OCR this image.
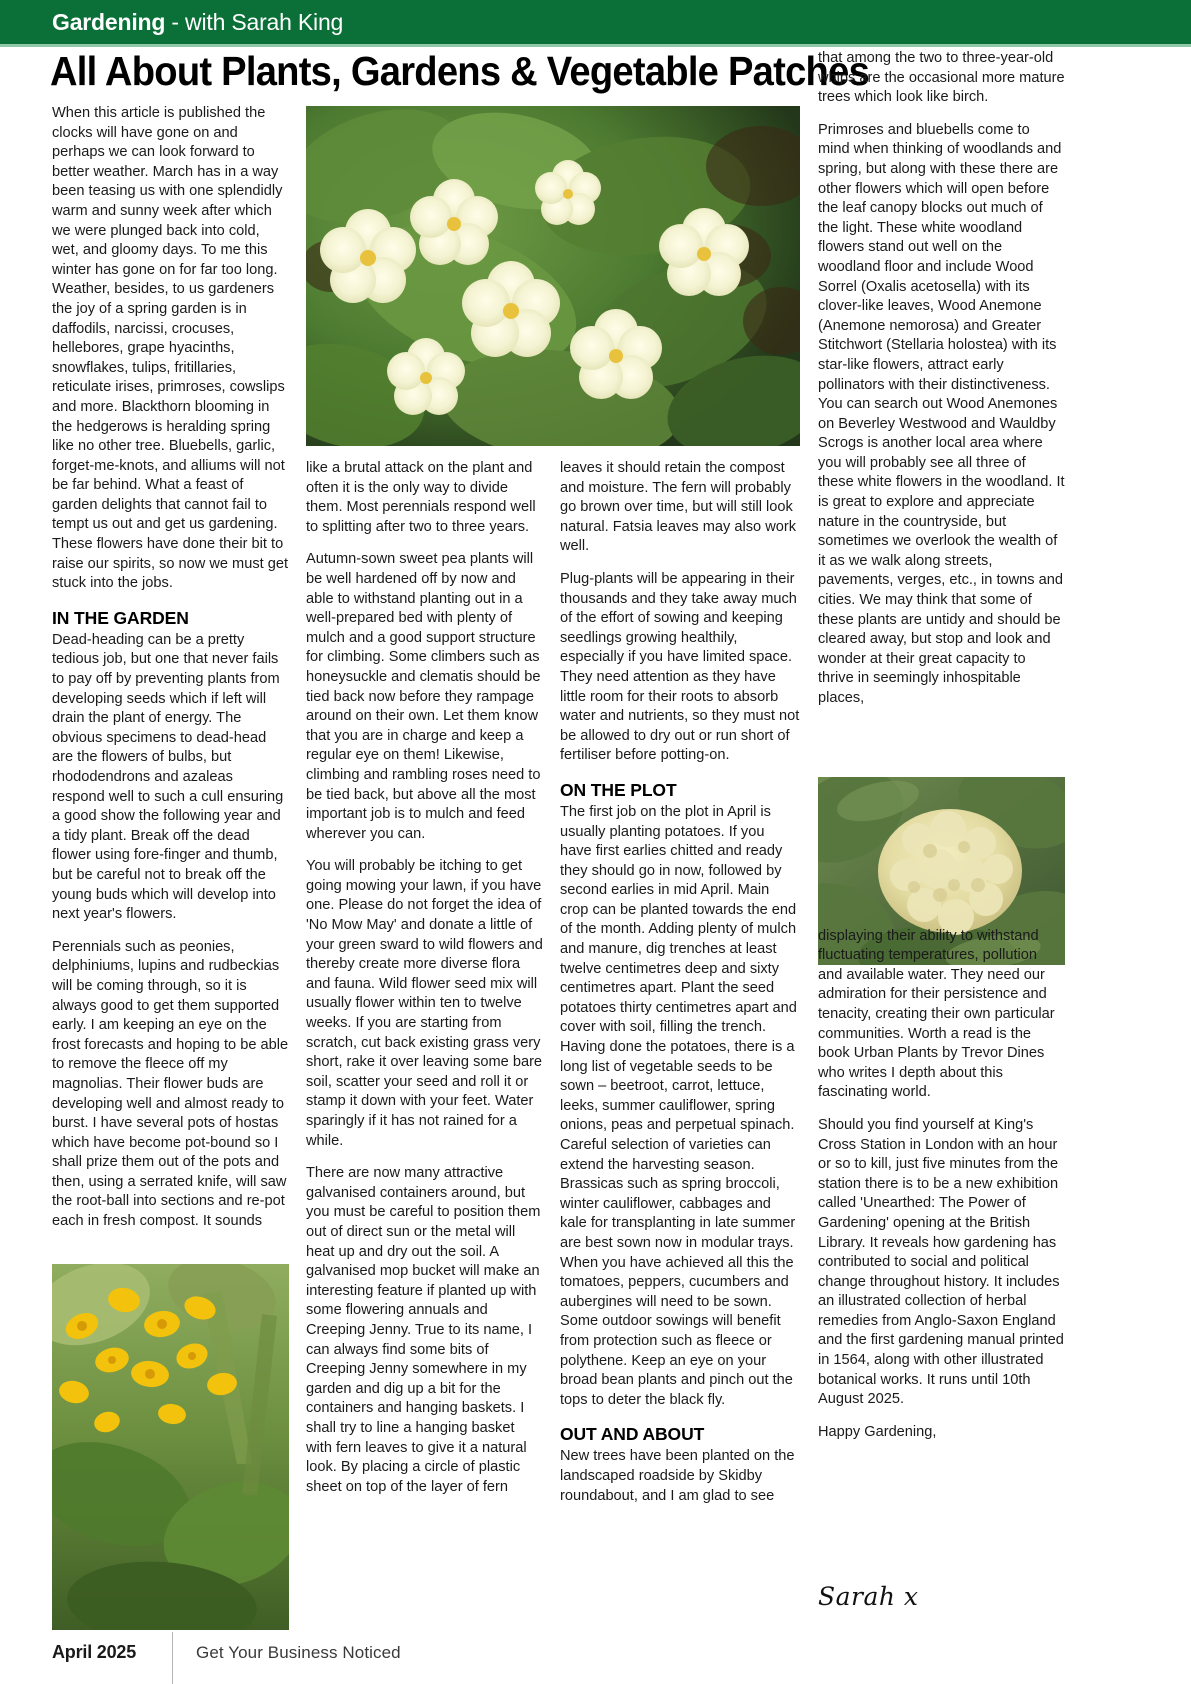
Gardening - with Sarah King
All About Plants, Gardens & Vegetable Patches

When this article is published the clocks will have gone on and perhaps we can look forward to better weather. March has in a way been teasing us with one splendidly warm and sunny week after which we were plunged back into cold, wet, and gloomy days. To me this winter has gone on for far too long. Weather, besides, to us gardeners the joy of a spring garden is in daffodils, narcissi, crocuses, hellebores, grape hyacinths, snowflakes, tulips, fritillaries, reticulate irises, primroses, cowslips and more. Blackthorn blooming in the hedgerows is heralding spring like no other tree. Bluebells, garlic, forget-me-knots, and alliums will not be far behind. What a feast of garden delights that cannot fail to tempt us out and get us gardening. These flowers have done their bit to raise our spirits, so now we must get stuck into the jobs.

IN THE GARDEN

Dead-heading can be a pretty tedious job, but one that never fails to pay off by preventing plants from developing seeds which if left will drain the plant of energy. The obvious specimens to dead-head are the flowers of bulbs, but rhododendrons and azaleas respond well to such a cull ensuring a good show the following year and a tidy plant. Break off the dead flower using fore-finger and thumb, but be careful not to break off the young buds which will develop into next year's flowers.

Perennials such as peonies, delphiniums, lupins and rudbeckias will be coming through, so it is always good to get them supported early. I am keeping an eye on the frost forecasts and hoping to be able to remove the fleece off my magnolias. Their flower buds are developing well and almost ready to burst. I have several pots of hostas which have become pot-bound so I shall prize them out of the pots and then, using a serrated knife, will saw the root-ball into sections and re-pot each in fresh compost. It sounds

like a brutal attack on the plant and often it is the only way to divide them. Most perennials respond well to splitting after two to three years.

Autumn-sown sweet pea plants will be well hardened off by now and able to withstand planting out in a well-prepared bed with plenty of mulch and a good support structure for climbing. Some climbers such as honeysuckle and clematis should be tied back now before they rampage around on their own. Let them know that you are in charge and keep a regular eye on them! Likewise, climbing and rambling roses need to be tied back, but above all the most important job is to mulch and feed wherever you can.

You will probably be itching to get going mowing your lawn, if you have one. Please do not forget the idea of 'No Mow May' and donate a little of your green sward to wild flowers and thereby create more diverse flora and fauna. Wild flower seed mix will usually flower within ten to twelve weeks. If you are starting from scratch, cut back existing grass very short, rake it over leaving some bare soil, scatter your seed and roll it or stamp it down with your feet. Water sparingly if it has not rained for a while.

There are now many attractive galvanised containers around, but you must be careful to position them out of direct sun or the metal will heat up and dry out the soil. A galvanised mop bucket will make an interesting feature if planted up with some flowering annuals and Creeping Jenny. True to its name, I can always find some bits of Creeping Jenny somewhere in my garden and dig up a bit for the containers and hanging baskets. I shall try to line a hanging basket with fern leaves to give it a natural look. By placing a circle of plastic sheet on top of the layer of fern

leaves it should retain the compost and moisture. The fern will probably go brown over time, but will still look natural. Fatsia leaves may also work well.

Plug-plants will be appearing in their thousands and they take away much of the effort of sowing and keeping seedlings growing healthily, especially if you have limited space. They need attention as they have little room for their roots to absorb water and nutrients, so they must not be allowed to dry out or run short of fertiliser before potting-on.

ON THE PLOT

The first job on the plot in April is usually planting potatoes. If you have first earlies chitted and ready they should go in now, followed by second earlies in mid April. Main crop can be planted towards the end of the month. Adding plenty of mulch and manure, dig trenches at least twelve centimetres deep and sixty centimetres apart. Plant the seed potatoes thirty centimetres apart and cover with soil, filling the trench. Having done the potatoes, there is a long list of vegetable seeds to be sown – beetroot, carrot, lettuce, leeks, summer cauliflower, spring onions, peas and perpetual spinach. Careful selection of varieties can extend the harvesting season. Brassicas such as spring broccoli, winter cauliflower, cabbages and kale for transplanting in late summer are best sown now in modular trays. When you have achieved all this the tomatoes, peppers, cucumbers and aubergines will need to be sown. Some outdoor sowings will benefit from protection such as fleece or polythene. Keep an eye on your broad bean plants and pinch out the tops to deter the black fly.

OUT AND ABOUT

New trees have been planted on the landscaped roadside by Skidby roundabout, and I am glad to see

that among the two to three-year-old whips are the occasional more mature trees which look like birch.

Primroses and bluebells come to mind when thinking of woodlands and spring, but along with these there are other flowers which will open before the leaf canopy blocks out much of the light. These white woodland flowers stand out well on the woodland floor and include Wood Sorrel (Oxalis acetosella) with its clover-like leaves, Wood Anemone (Anemone nemorosa) and Greater Stitchwort (Stellaria holostea) with its star-like flowers, attract early pollinators with their distinctiveness. You can search out Wood Anemones on Beverley Westwood and Wauldby Scrogs is another local area where you will probably see all three of these white flowers in the woodland. It is great to explore and appreciate nature in the countryside, but sometimes we overlook the wealth of it as we walk along streets, pavements, verges, etc., in towns and cities. We may think that some of these plants are untidy and should be cleared away, but stop and look and wonder at their great capacity to thrive in seemingly inhospitable places,

displaying their ability to withstand fluctuating temperatures, pollution and available water. They need our admiration for their persistence and tenacity, creating their own particular communities. Worth a read is the book Urban Plants by Trevor Dines who writes I depth about this fascinating world.

Should you find yourself at King's Cross Station in London with an hour or so to kill, just five minutes from the station there is to be a new exhibition called 'Unearthed: The Power of Gardening' opening at the British Library. It reveals how gardening has contributed to social and political change throughout history. It includes an illustrated collection of herbal remedies from Anglo-Saxon England and the first gardening manual printed in 1564, along with other illustrated botanical works. It runs until 10th August 2025.

Happy Gardening,

Sarah x
April 2025	Get Your Business Noticed
